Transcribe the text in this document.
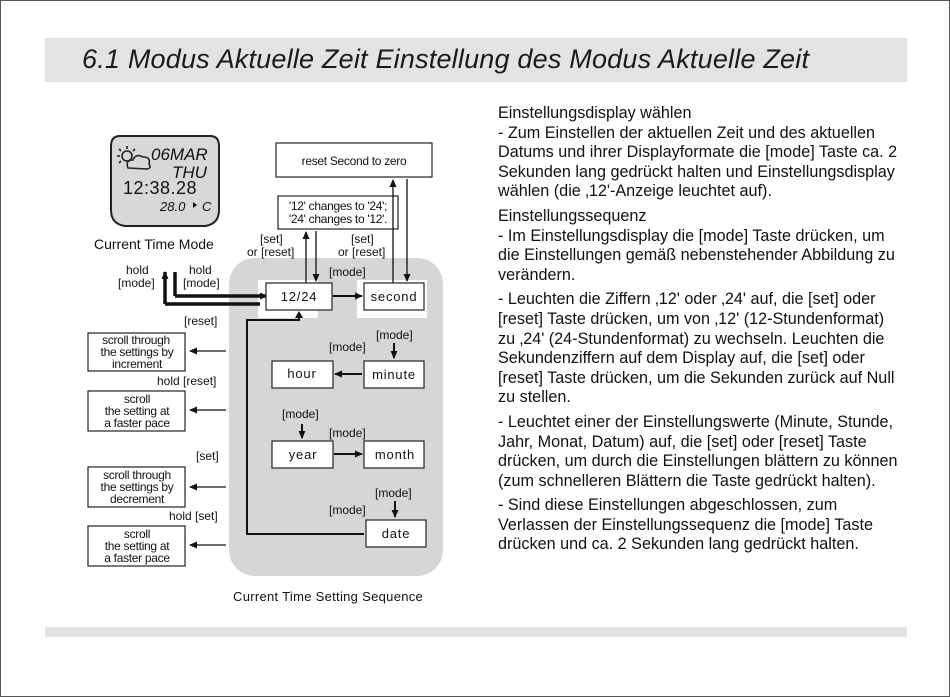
6.1 Modus Aktuelle Zeit Einstellung des Modus Aktuelle Zeit
06MAR
THU
12:38.28
28.0 C
Current Time Mode
hold
[mode]
hold
[mode]
reset Second to zero
'12' changes to '24';
'24' changes to '12'.
[set]
or [reset]
[set]
or [reset]
12/24	second
hour	minute
year	month
date
[mode]
[mode]
[mode]
[mode]
[mode]
[mode]
[mode]
[reset]
scroll through
the settings by
increment
hold [reset]
scroll
the setting at
a faster pace
[set]
scroll through
the settings by
decrement
hold [set]
scroll
the setting at
a faster pace
Current Time Setting Sequence
Einstellungsdisplay wählen

- Zum Einstellen der aktuellen Zeit und des aktuellen Datums und ihrer Displayformate die [mode] Taste ca. 2 Sekunden lang gedrückt halten und Einstellungsdisplay wählen (die ‚12'-Anzeige leuchtet auf).

Einstellungssequenz

- Im Einstellungsdisplay die [mode] Taste drücken, um die Einstellungen gemäß nebenstehender Abbildung zu verändern.

- Leuchten die Ziffern ‚12' oder ‚24' auf, die [set] oder [reset] Taste drücken, um von ‚12' (12-Stundenformat) zu ‚24' (24-Stundenformat) zu wechseln. Leuchten die Sekundenziffern auf dem Display auf, die [set] oder [reset] Taste drücken, um die Sekunden zurück auf Null zu stellen.

- Leuchtet einer der Einstellungswerte (Minute, Stunde, Jahr, Monat, Datum) auf, die [set] oder [reset] Taste drücken, um durch die Einstellungen blättern zu können (zum schnelleren Blättern die Taste gedrückt halten).

- Sind diese Einstellungen abgeschlossen, zum Verlassen der Einstellungssequenz die [mode] Taste drücken und ca. 2 Sekunden lang gedrückt halten.
